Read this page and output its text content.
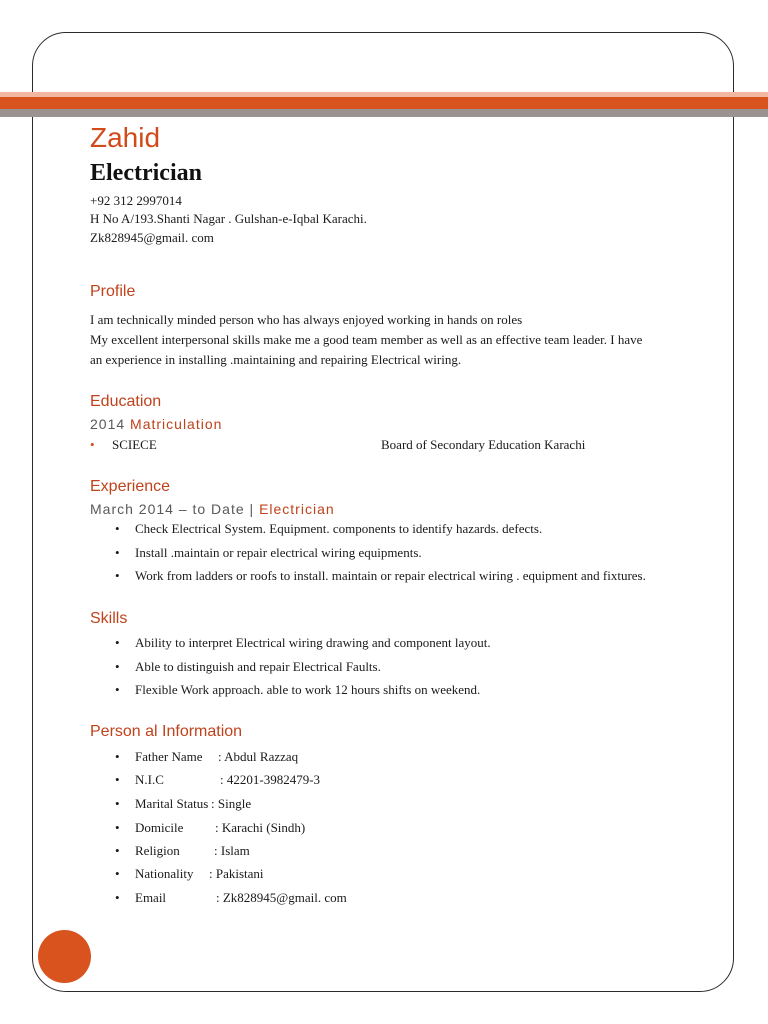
Zahid
Electrician
+92 312 2997014
H No A/193.Shanti Nagar . Gulshan-e-Iqbal Karachi.
Zk828945@gmail. com
Profile
I am technically minded person who has always enjoyed working in hands on roles
My excellent interpersonal skills make me a good team member as well as an effective team leader. I have
an experience in installing .maintaining and repairing Electrical wiring.
Education
2014 Matriculation
• SCIECE	Board of Secondary Education Karachi
Experience
March 2014 – to Date | Electrician
• Check Electrical System. Equipment. components to identify hazards. defects.
• Install .maintain or repair electrical wiring equipments.
• Work from ladders or roofs to install. maintain or repair electrical wiring . equipment and fixtures.
Skills
• Ability to interpret Electrical wiring drawing and component layout.
• Able to distinguish and repair Electrical Faults.
• Flexible Work approach. able to work 12 hours shifts on weekend.
Person al Information
• Father Name : Abdul Razzaq
• N.I.C	: 42201-3982479-3
• Marital Status : Single
• Domicile : Karachi (Sindh)
• Religion	: Islam
• Nationality : Pakistani
• Email	: Zk828945@gmail. com
